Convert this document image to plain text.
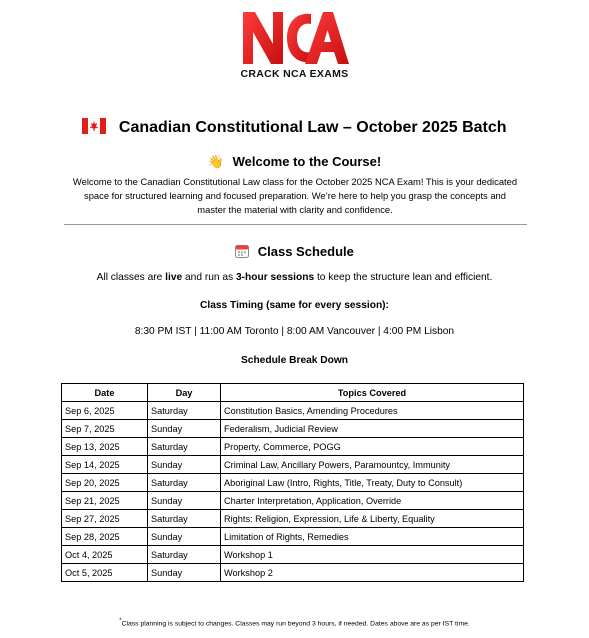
CRACK NCA EXAMS
Canadian Constitutional Law – October 2025 Batch
👋 Welcome to the Course!
Welcome to the Canadian Constitutional Law class for the October 2025 NCA Exam! This is your dedicated space for structured learning and focused preparation. We’re here to help you grasp the concepts and master the material with clarity and confidence.
Class Schedule
All classes are live and run as 3-hour sessions to keep the structure lean and efficient.
Class Timing (same for every session):
8:30 PM IST | 11:00 AM Toronto | 8:00 AM Vancouver | 4:00 PM Lisbon
Schedule Break Down
Date	Day	Topics Covered
Sep 6, 2025	Saturday	Constitution Basics, Amending Procedures
Sep 7, 2025	Sunday	Federalism, Judicial Review
Sep 13, 2025	Saturday	Property, Commerce, POGG
Sep 14, 2025	Sunday	Criminal Law, Ancillary Powers, Paramountcy, Immunity
Sep 20, 2025	Saturday	Aboriginal Law (Intro, Rights, Title, Treaty, Duty to Consult)
Sep 21, 2025	Sunday	Charter Interpretation, Application, Override
Sep 27, 2025	Saturday	Rights: Religion, Expression, Life & Liberty, Equality
Sep 28, 2025	Sunday	Limitation of Rights, Remedies
Oct 4, 2025	Saturday	Workshop 1
Oct 5, 2025	Sunday	Workshop 2
*Class planning is subject to changes. Classes may run beyond 3 hours, if needed. Dates above are as per IST time.
